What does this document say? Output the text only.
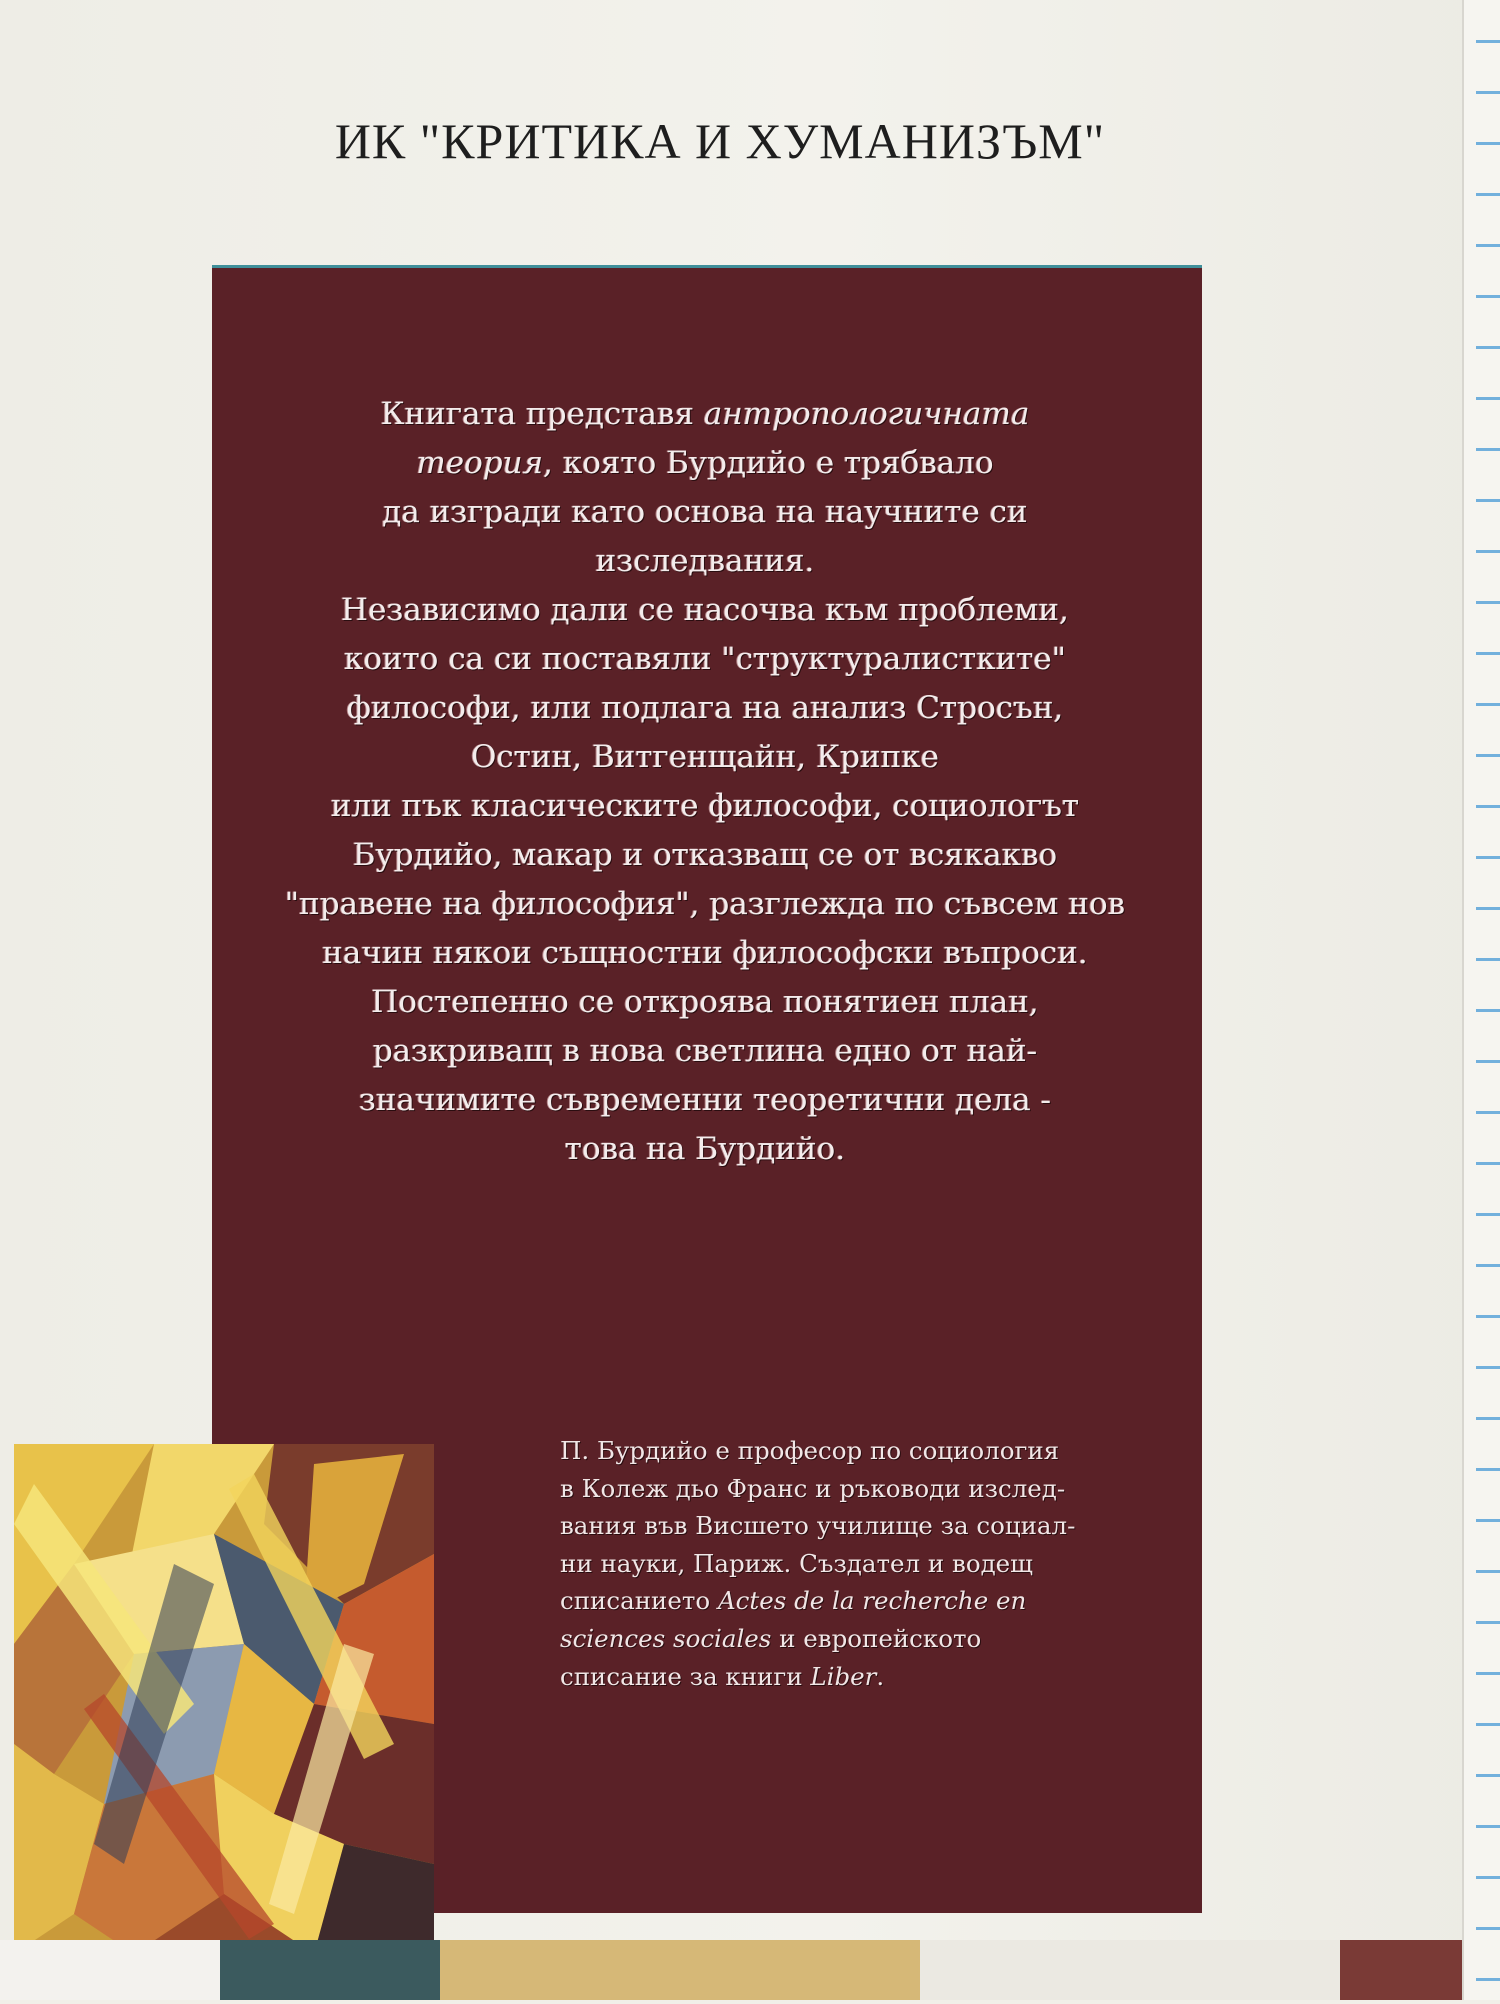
ИК "КРИТИКА И ХУМАНИЗЪМ"
Книгата представя антропологичната
теория, която Бурдийо е трябвало
да изгради като основа на научните си
изследвания.
Независимо дали се насочва към проблеми,
които са си поставяли "структуралистките"
философи, или подлага на анализ Стросън,
Остин, Витгенщайн, Крипке
или пък класическите философи, социологът
Бурдийо, макар и отказващ се от всякакво
"правене на философия", разглежда по съвсем нов
начин някои същностни философски въпроси.
Постепенно се откроява понятиен план,
разкриващ в нова светлина едно от най-
значимите съвременни теоретични дела -
това на Бурдийо.
П. Бурдийо е професор по социология
в Колеж дьо Франс и ръководи изслед-
вания във Висшето училище за социал-
ни науки, Париж. Създател и водещ
списанието Actes de la recherche en
sciences sociales и европейското
списание за книги Liber.
